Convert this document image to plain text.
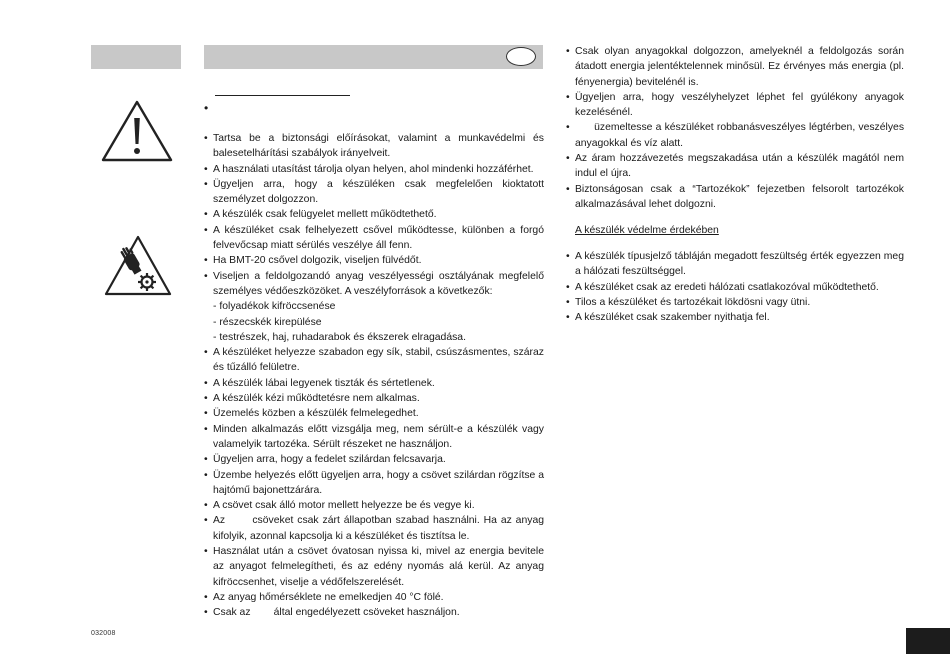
•

• Tartsa be a biztonsági előírásokat, valamint a munkavédelmi és balesetelhárítási szabályok irányelveit.

• A használati utasítást tárolja olyan helyen, ahol mindenki hozzáférhet.

• Ügyeljen arra, hogy a készüléken csak megfelelően kioktatott személyzet dolgozzon.

• A készülék csak felügyelet mellett működtethető.

• A készüléket csak felhelyezett csővel működtesse, különben a forgó felvevőcsap miatt sérülés veszélye áll fenn.

• Ha BMT-20 csővel dolgozik, viseljen fülvédőt.

• Viseljen a feldolgozandó anyag veszélyességi osztályának megfelelő személyes védőeszközöket. A veszélyforrások a következők:

- folyadékok kifröccsenése

- részecskék kirepülése

- testrészek, haj, ruhadarabok és ékszerek elragadása.

• A készüléket helyezze szabadon egy sík, stabil, csúszásmentes, száraz és tűzálló felületre.

• A készülék lábai legyenek tiszták és sértetlenek.

• A készülék kézi működtetésre nem alkalmas.

• Üzemelés közben a készülék felmelegedhet.

• Minden alkalmazás előtt vizsgálja meg, nem sérült-e a készülék vagy valamelyik tartozéka. Sérült részeket ne használjon.

• Ügyeljen arra, hogy a fedelet szilárdan felcsavarja.

• Üzembe helyezés előtt ügyeljen arra, hogy a csövet szilárdan rögzítse a hajtómű bajonettzárára.

• A csövet csak álló motor mellett helyezze be és vegye ki.

• Az       csöveket csak zárt állapotban szabad használni. Ha az anyag kifolyik, azonnal kapcsolja ki a készüléket és tisztítsa le.

• Használat után a csövet óvatosan nyissa ki, mivel az energia bevitele az anyagot felmelegítheti, és az edény nyomás alá kerül. Az anyag kifröccsenhet, viselje a védőfelszerelését.

• Az anyag hőmérséklete ne emelkedjen 40 °C fölé.

• Csak az        által engedélyezett csöveket használjon.

• Csak olyan anyagokkal dolgozzon, amelyeknél a feldolgozás során átadott energia jelentéktelennek minősül. Ez érvényes más energia (pl. fényenergia) bevitelénél is.

• Ügyeljen arra, hogy veszélyhelyzet léphet fel gyúlékony anyagok kezelésénél.

•       üzemeltesse a készüléket robbanásveszélyes légtérben, veszélyes anyagokkal és víz alatt.

• Az áram hozzávezetés megszakadása után a készülék magától nem indul el újra.

• Biztonságosan csak a “Tartozékok” fejezetben felsorolt tartozékok alkalmazásával lehet dolgozni.

A készülék védelme érdekében

• A készülék típusjelző tábláján megadott feszültség érték egyezzen meg a hálózati feszültséggel.

• A készüléket csak az eredeti hálózati csatlakozóval működtethető.

• Tilos a készüléket és tartozékait lökdösni vagy ütni.

• A készüléket csak szakember nyithatja fel.

032008
